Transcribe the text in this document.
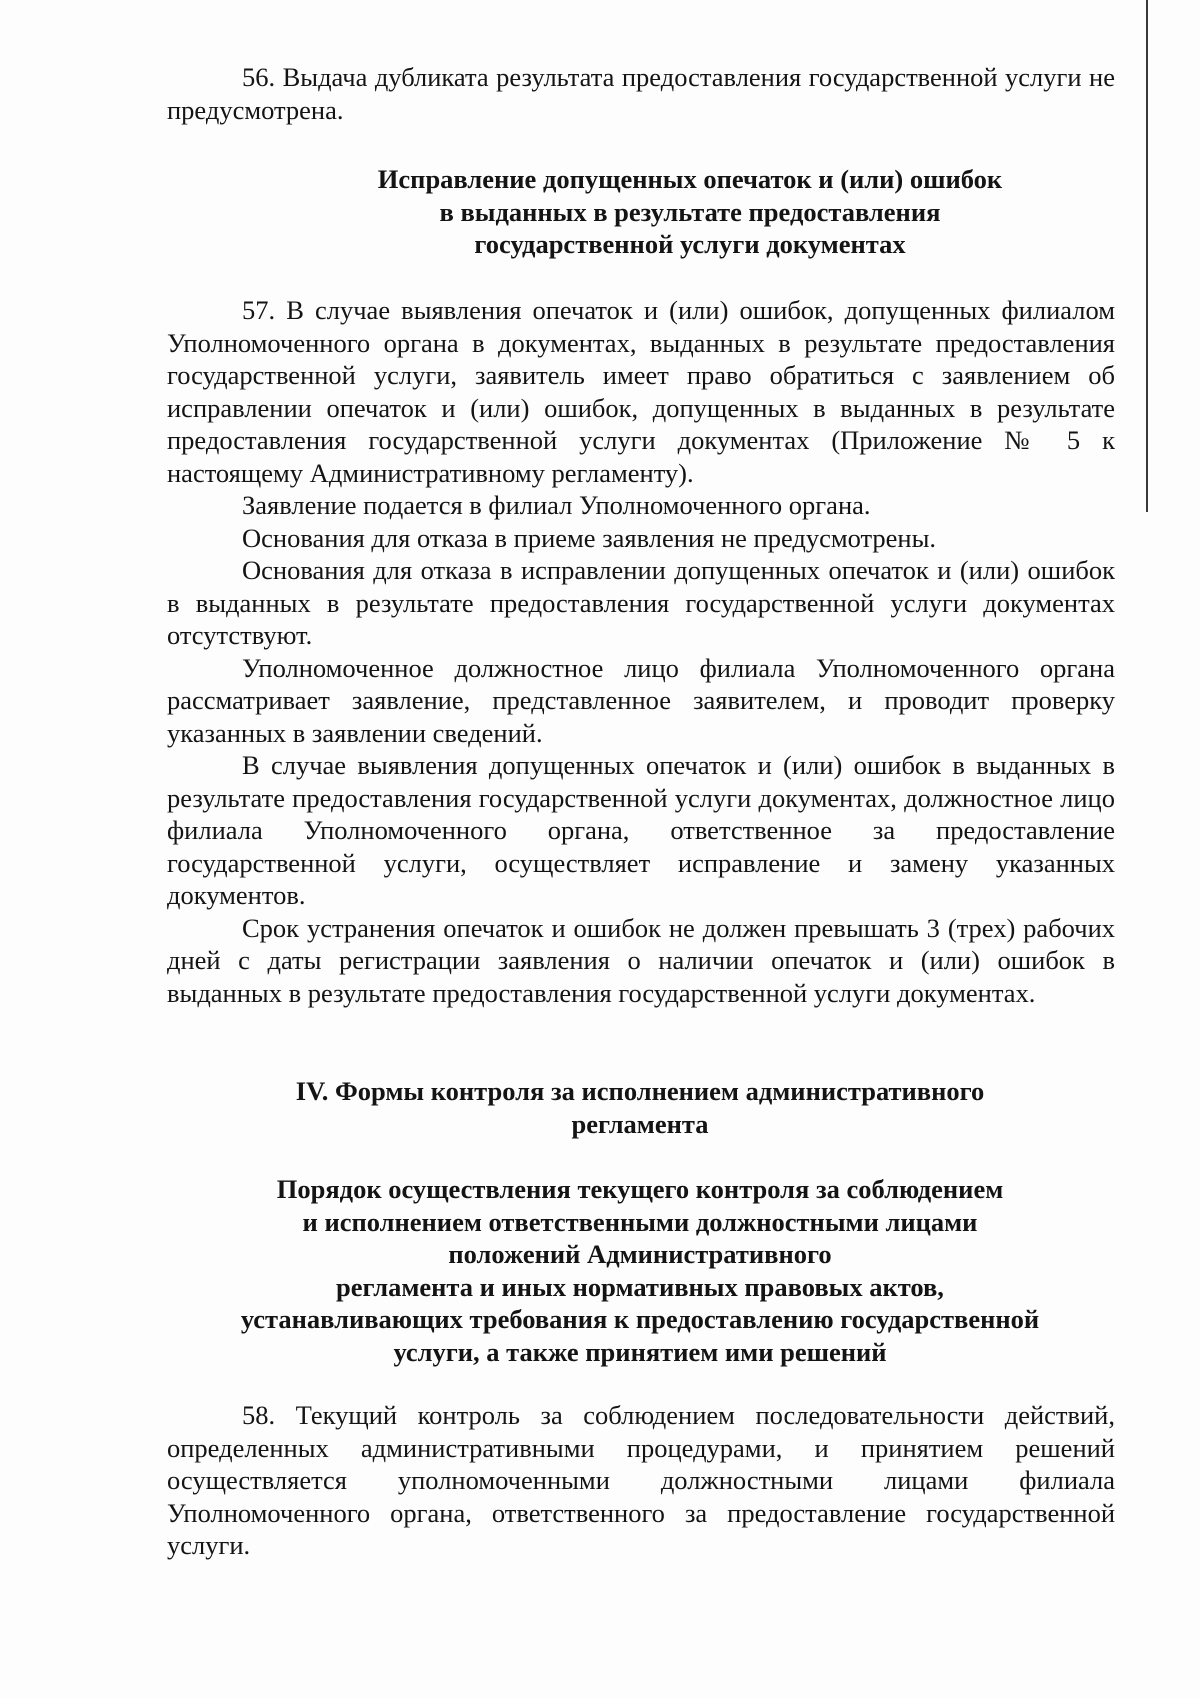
56. Выдача дубликата результата предоставления государственной услуги не предусмотрена.

Исправление допущенных опечаток и (или) ошибок
в выданных в результате предоставления
государственной услуги документах

57. В случае выявления опечаток и (или) ошибок, допущенных филиалом Уполномоченного органа в документах, выданных в результате предоставления государственной услуги, заявитель имеет право обратиться с заявлением об исправлении опечаток и (или) ошибок, допущенных в выданных в результате предоставления государственной услуги документах (Приложение № 5 к настоящему Административному регламенту).

Заявление подается в филиал Уполномоченного органа.

Основания для отказа в приеме заявления не предусмотрены.

Основания для отказа в исправлении допущенных опечаток и (или) ошибок в выданных в результате предоставления государственной услуги документах отсутствуют.

Уполномоченное должностное лицо филиала Уполномоченного органа рассматривает заявление, представленное заявителем, и проводит проверку указанных в заявлении сведений.

В случае выявления допущенных опечаток и (или) ошибок в выданных в результате предоставления государственной услуги документах, должностное лицо филиала Уполномоченного органа, ответственное за предоставление государственной услуги, осуществляет исправление и замену указанных документов.

Срок устранения опечаток и ошибок не должен превышать 3 (трех) рабочих дней с даты регистрации заявления о наличии опечаток и (или) ошибок в выданных в результате предоставления государственной услуги документах.

IV. Формы контроля за исполнением административного
регламента
Порядок осуществления текущего контроля за соблюдением
и исполнением ответственными должностными лицами
положений Административного
регламента и иных нормативных правовых актов,
устанавливающих требования к предоставлению государственной
услуги, а также принятием ими решений

58. Текущий контроль за соблюдением последовательности действий, определенных административными процедурами, и принятием решений осуществляется уполномоченными должностными лицами филиала Уполномоченного органа, ответственного за предоставление государственной услуги.
